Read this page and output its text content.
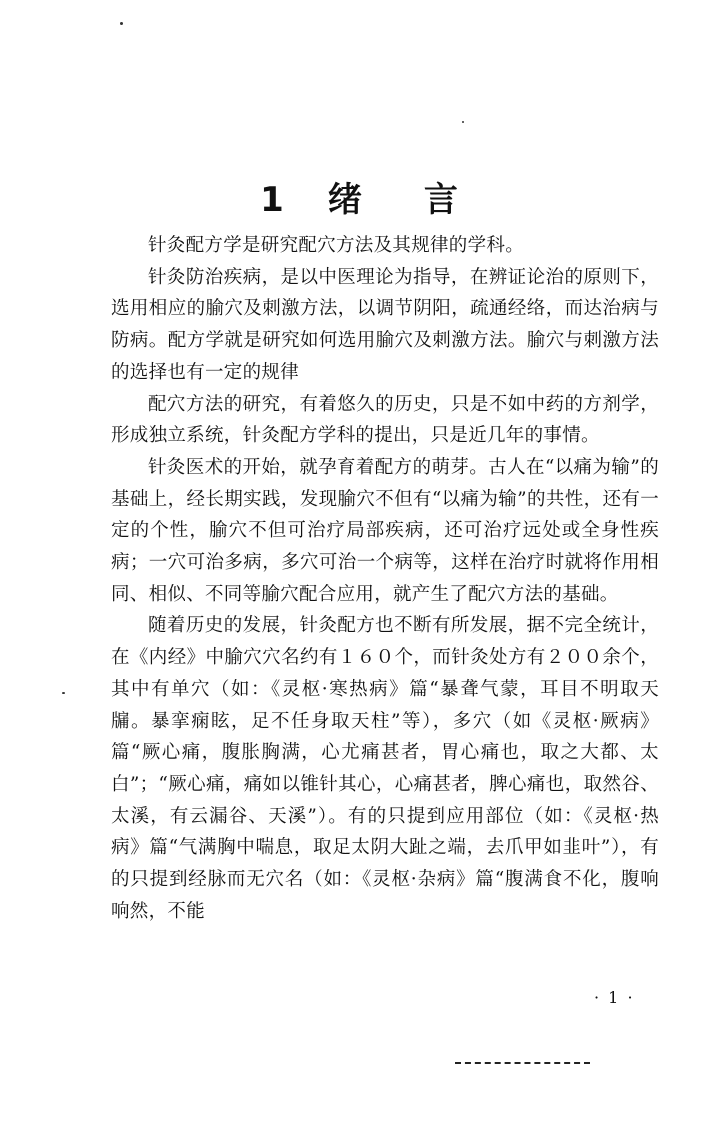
1 绪 言

针灸配方学是研究配穴方法及其规律的学科。

针灸防治疾病，是以中医理论为指导，在辨证论治的原则下，选用相应的腧穴及刺激方法，以调节阴阳，疏通经络，而达治病与防病。配方学就是研究如何选用腧穴及刺激方法。腧穴与刺激方法的选择也有一定的规律

配穴方法的研究，有着悠久的历史，只是不如中药的方剂学，形成独立系统，针灸配方学科的提出，只是近几年的事情。

针灸医术的开始，就孕育着配方的萌芽。古人在“以痛为输”的基础上，经长期实践，发现腧穴不但有“以痛为输”的共性，还有一定的个性，腧穴不但可治疗局部疾病，还可治疗远处或全身性疾病；一穴可治多病，多穴可治一个病等，这样在治疗时就将作用相同、相似、不同等腧穴配合应用，就产生了配穴方法的基础。

随着历史的发展，针灸配方也不断有所发展，据不完全统计，在《内经》中腧穴穴名约有１６０个，而针灸处方有２００余个，其中有单穴（如：《灵枢·寒热病》篇“暴聋气蒙，耳目不明取天牖。暴挛痫眩，足不任身取天柱”等），多穴（如《灵枢·厥病》篇“厥心痛，腹胀胸满，心尤痛甚者，胃心痛也，取之大都、太白”；“厥心痛，痛如以锥针其心，心痛甚者，脾心痛也，取然谷、太溪，有云漏谷、天溪”）。有的只提到应用部位（如：《灵枢·热病》篇“气满胸中喘息，取足太阴大趾之端，去爪甲如韭叶”），有的只提到经脉而无穴名（如：《灵枢·杂病》篇“腹满食不化，腹响响然，不能

· 1 ·
